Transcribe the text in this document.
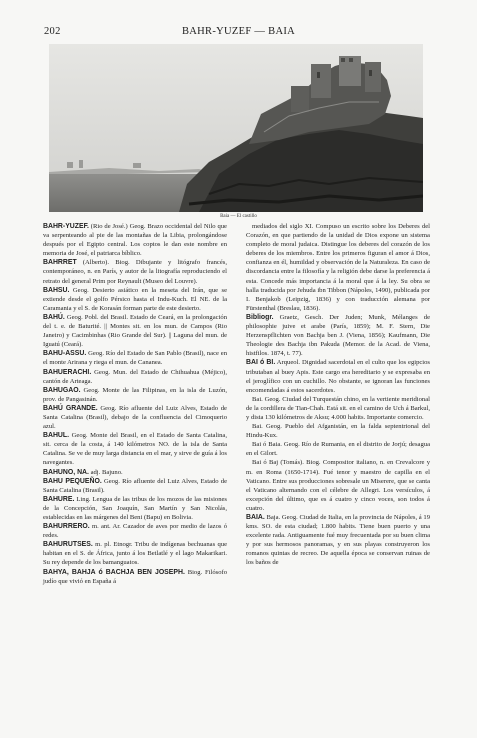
202	BAHR-YUZEF — BAIA
Baia — El castillo

BAHR-YUZEF. (Rio de José.) Geog. Brazo occidental del Nilo que va serpenteando al pie de las montañas de la Libia, prolongándose después por el Egipto central. Los coptos le dan este nombre en memoria de José, el patriarca bíblico.

BAHRRET (Alberto). Biog. Dibujante y litógrafo francés, contemporáneo, n. en París, y autor de la litografía reproduciendo el retrato del general Prim por Reynault (Museo del Louvre).

BAHSU. Geog. Desierto asiático en la meseta del Irán, que se extiende desde el golfo Pérsico hasta el Indu-Kuch. El NE. de la Caramania y el S. de Korasán forman parte de este desierto.

BAHÚ. Geog. Pobl. del Brasil. Estado de Ceará, en la prolongación del t. e. de Baturité. || Montes sit. en los mun. de Campos (Rio Janeiro) y Cacimbinhas (Rio Grande del Sur). || Laguna del mun. de Iguatú (Ceará).

BAHU-ASSU. Geog. Río del Estado de San Pablo (Brasil), nace en el monte Arirana y riega el mun. de Cananea.

BAHUERACHI. Geog. Mun. del Estado de Chihuahua (Méjico), cantón de Arteaga.

BAHUGAO. Geog. Monte de las Filipinas, en la isla de Luzón, prov. de Pangasinán.

BAHÚ GRANDE. Geog. Río afluente del Luiz Alves, Estado de Santa Catalina (Brasil), debajo de la confluencia del Cimoquerio azul.

BAHUL. Geog. Monte del Brasil, en el Estado de Santa Catalina, sit. cerca de la costa, á 140 kilómetros NO. de la isla de Santa Catalina. Se ve de muy larga distancia en el mar, y sirve de guía á los navegantes.

BAHUNO, NA. adj. Bajuno.

BAHU PEQUEÑO. Geog. Río afluente del Luiz Alves, Estado de Santa Catalina (Brasil).

BAHURE. Ling. Lengua de las tribus de los mozos de las misiones de la Concepción, San Joaquín, San Martín y San Nicolás, establecidas en las márgenes del Beni (Bapu) en Bolivia.

BAHURRERO. m. ant. Ar. Cazador de aves por medio de lazos ó redes.

BAHURUTSES. m. pl. Etnogr. Tribu de indígenas bechuanas que habitan en el S. de África, junto á los Betlatlé y el lago Makarikari. Su rey depende de los bamanguatos.

BAHYA, BAHJA ó BACHJA BEN JOSEPH. Biog. Filósofo judío que vivió en España á

mediados del siglo XI. Compuso un escrito sobre los Deberes del Corazón, en que partiendo de la unidad de Dios expone un sistema completo de moral judaica. Distingue los deberes del corazón de los deberes de los miembros. Entre los primeros figuran el amor á Dios, confianza en él, humildad y observación de la Naturaleza. En caso de discordancia entre la filosofía y la religión debe darse la preferencia á esta. Concede más importancia á la moral que á la ley. Su obra se halla traducida por Jehuda ibn Tibbon (Nápoles, 1490), publicada por I. Benjakob (Leipzig, 1836) y con traducción alemana por Fürstenthal (Breslau, 1836).

Bibliogr. Graetz, Gesch. Der Juden; Munk, Mélanges de philosophie juive et arabe (París, 1859); M. F. Stern, Die Herzenspflichten von Bachja ben J. (Viena, 1856); Kaufmann, Die Theologie des Bachja ibn Pakuda (Memor. de la Acad. de Viena, histfilos. 1874, t. 77).

BAI ó BI. Arqueol. Dignidad sacerdotal en el culto que los egipcios tributaban al buey Apis. Este cargo era hereditario y se expresaba en el jeroglífico con un cuchillo. No obstante, se ignoran las funciones encomendadas á estos sacerdotes.

Bai. Geog. Ciudad del Turquestán chino, en la vertiente meridional de la cordillera de Tian-Chah. Está sit. en el camino de Uch á Barkul, y dista 130 kilómetros de Aksu; 4.000 habits. Importante comercio.

Bai. Geog. Pueblo del Afganistán, en la falda septentrional del Hindu-Kux.

Bai ó Baia. Geog. Río de Rumania, en el distrito de Jorjú; desagua en el Gilort.

Bai ó Baj (Tomás). Biog. Compositor italiano, n. en Crevalcore y m. en Roma (1650-1714). Fué tenor y maestro de capilla en el Vaticano. Entre sus producciones sobresale un Miserere, que se canta el Vaticano alternando con el célebre de Allegri. Los versículos, á excepción del último, que es á cuatro y cinco voces, son todos á cuatro.

BAIA. Baja. Geog. Ciudad de Italia, en la provincia de Nápoles, á 19 kms. SO. de esta ciudad; 1.800 habits. Tiene buen puerto y una excelente rada. Antiguamente fué muy frecuentada por su buen clima y por sus hermosos panoramas, y en sus playas construyeron los romanos quintas de recreo. De aquella época se conservan ruinas de los baños de
